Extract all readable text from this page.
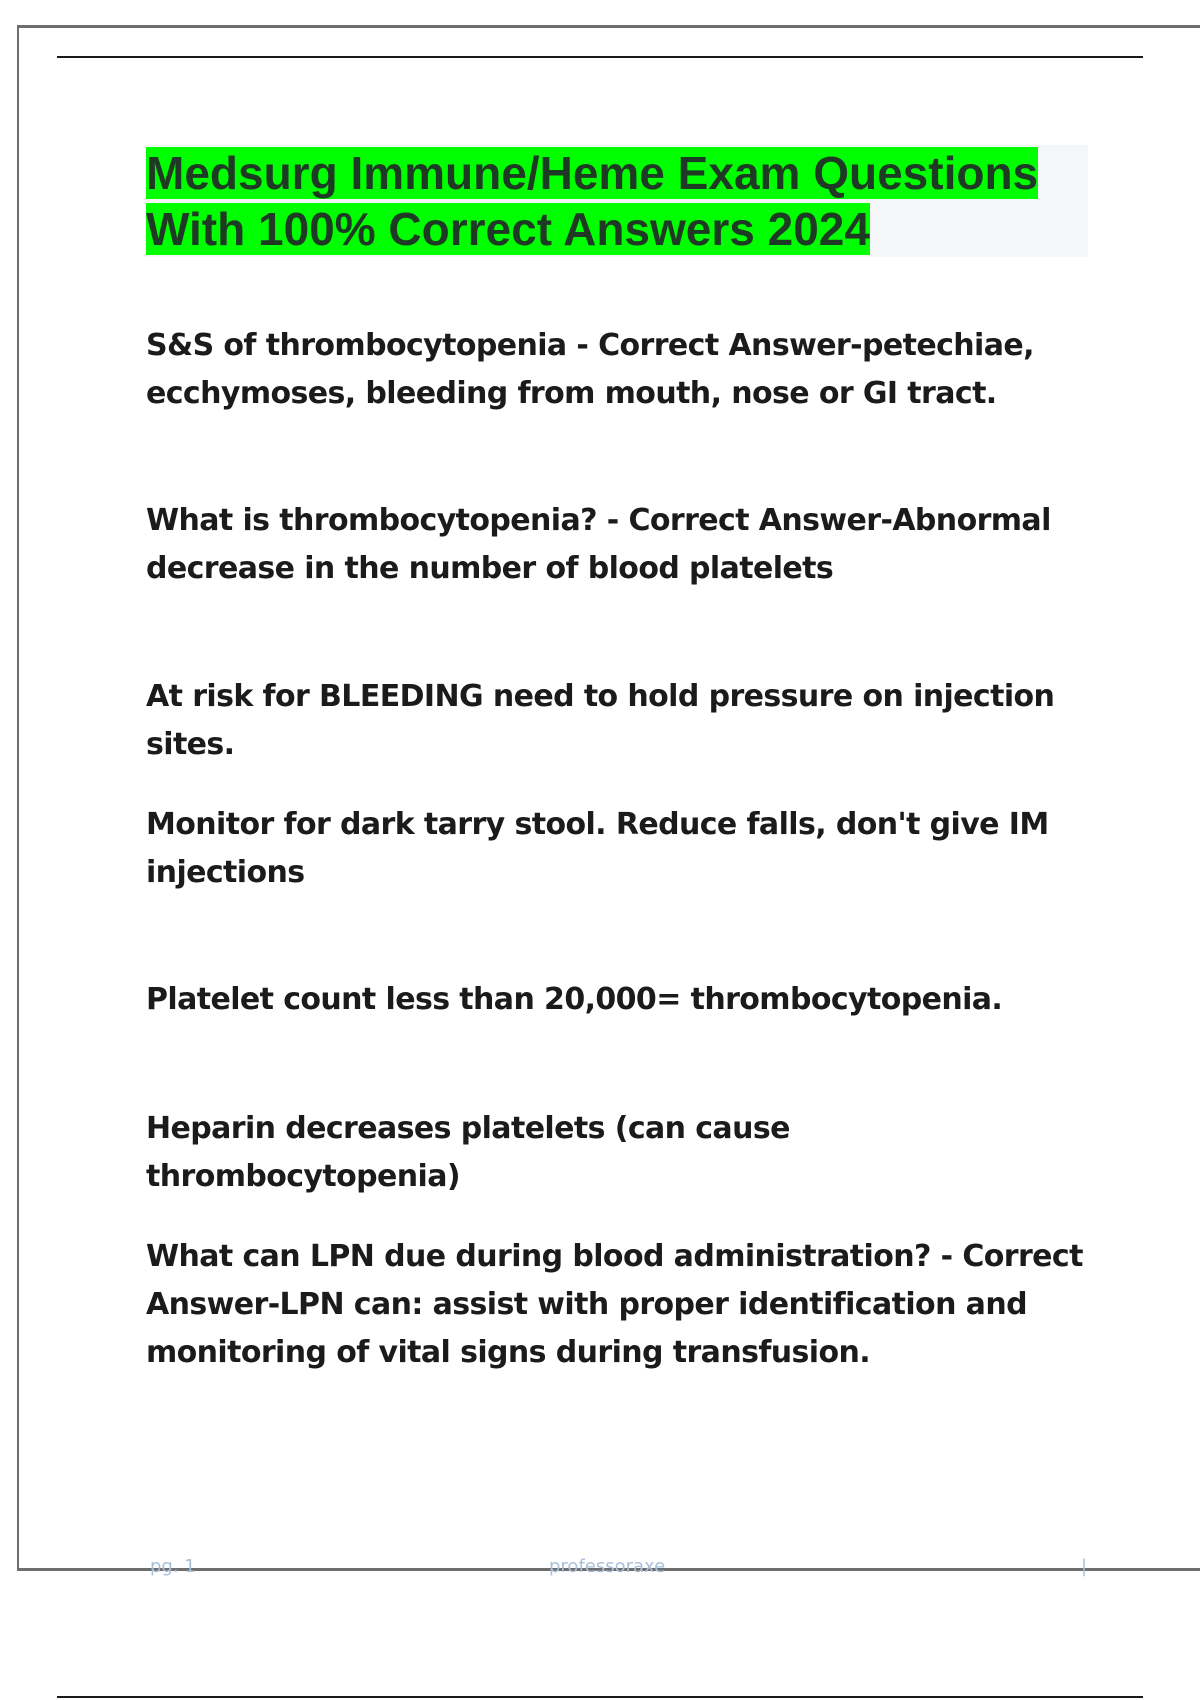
Medsurg Immune/Heme Exam Questions With 100% Correct Answers 2024

S&S of thrombocytopenia - Correct Answer-petechiae, ecchymoses, bleeding from mouth, nose or GI tract.

What is thrombocytopenia? - Correct Answer-Abnormal decrease in the number of blood platelets

At risk for BLEEDING need to hold pressure on injection sites.

Monitor for dark tarry stool. Reduce falls, don't give IM injections

Platelet count less than 20,000= thrombocytopenia.

Heparin decreases platelets (can cause thrombocytopenia)

What can LPN due during blood administration? - Correct Answer-LPN can: assist with proper identification and monitoring of vital signs during transfusion.

pg. 1	professoraxe	|
